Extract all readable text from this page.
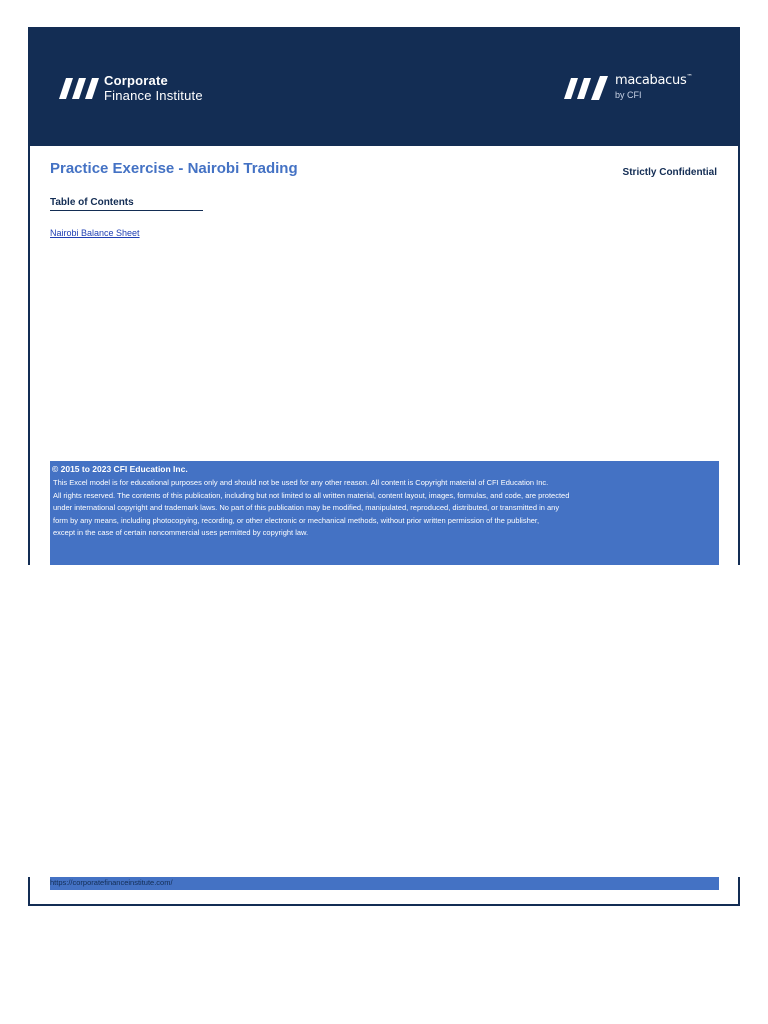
Corporate
Finance Institute
macabacus™
by CFI
Practice Exercise - Nairobi Trading	Strictly Confidential
Table of Contents
Nairobi Balance Sheet
© 2015 to 2023 CFI Education Inc.
This Excel model is for educational purposes only and should not be used for any other reason. All content is Copyright material of CFI Education Inc.
All rights reserved. The contents of this publication, including but not limited to all written material, content layout, images, formulas, and code, are protected
under international copyright and trademark laws. No part of this publication may be modified, manipulated, reproduced, distributed, or transmitted in any
form by any means, including photocopying, recording, or other electronic or mechanical methods, without prior written permission of the publisher,
except in the case of certain noncommercial uses permitted by copyright law.
https://corporatefinanceinstitute.com/
